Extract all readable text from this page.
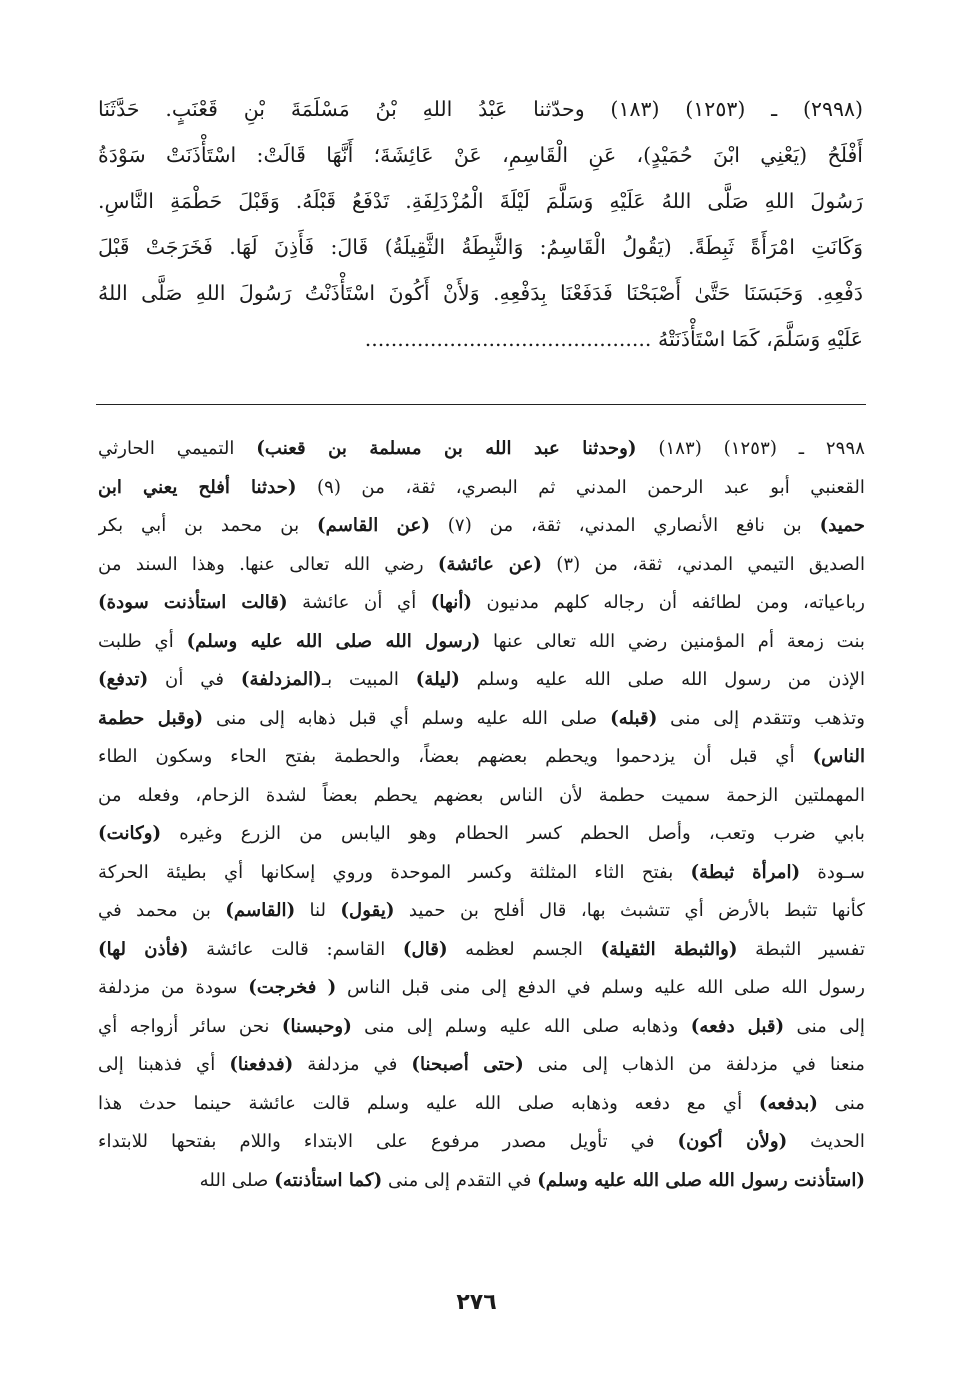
(٢٩٩٨) ـ (١٢٥٣) (١٨٣) وحدّثنا عَبْدُ اللهِ بْنُ مَسْلَمَةَ بْنِ قَعْنَبٍ. حَدَّثَنَا
أَفْلَحُ (يَعْنِي ابْنَ حُمَيْدٍ)، عَنِ الْقَاسِمِ، عَنْ عَائِشَةَ؛ أَنَّهَا قَالَتْ: اسْتَأْذَنَتْ سَوْدَةُ
رَسُولَ اللهِ صَلَّى اللهُ عَلَيْهِ وَسَلَّمَ لَيْلَةَ الْمُزْدَلِفَةِ. تَدْفَعُ قَبْلَهُ. وَقَبْلَ حَطْمَةِ النَّاسِ.
وَكَانَتِ امْرَأَةً ثَبِطَةً. (يَقُولُ الْقَاسِمُ: وَالثَّبِطَةُ الثَّقِيلَةُ) قَالَ: فَأَذِنَ لَهَا. فَخَرَجَتْ قَبْلَ
دَفْعِهِ. وَحَبَسَنَا حَتَّىٰ أَصْبَحْنَا فَدَفَعْنَا بِدَفْعِهِ. وَلأَنْ أَكُونَ اسْتَأْذَنْتُ رَسُولَ اللهِ صَلَّى اللهُ
عَلَيْهِ وَسَلَّمَ، كَمَا اسْتَأْذَنَتْهُ ............................................
٢٩٩٨ ـ (١٢٥٣) (١٨٣) (وحدثنا عبد الله بن مسلمة بن قعنب) التميمي الحارثي
القعنبي أبو عبد الرحمن المدني ثم البصري، ثقة، من (٩) (حدثنا أفلح يعني ابن
حميد) بن نافع الأنصاري المدني، ثقة، من (٧) (عن القاسم) بن محمد بن أبي بكر
الصديق التيمي المدني، ثقة، من (٣) (عن عائشة) رضي الله تعالى عنها. وهذا السند من
رباعياته، ومن لطائفه أن رجاله كلهم مدنيون (أنها) أي أن عائشة (قالت استأذنت سودة)
بنت زمعة أم المؤمنين رضي الله تعالى عنها (رسول الله صلى الله عليه وسلم) أي طلبت
الإذن من رسول الله صلى الله عليه وسلم (ليلة) المبيت بـ(المزدلفة) في أن (تدفع)
وتذهب وتتقدم إلى منى (قبله) صلى الله عليه وسلم أي قبل ذهابه إلى منى (وقبل حطمة
الناس) أي قبل أن يزدحموا ويحطم بعضهم بعضاً، والحطمة بفتح الحاء وسكون الطاء
المهملتين الزحمة سميت حطمة لأن الناس بعضهم يحطم بعضاً لشدة الزحام، وفعله من
بابي ضرب وتعب، وأصل الحطم كسر الحطام وهو اليابس من الزرع وغيره (وكانت)
سـودة (امرأة ثبطة) بفتح الثاء المثلثة وكسر الموحدة وروي إسكانها أي بطيئة الحركة
كأنها تثبط بالأرض أي تتشبث بها، قال أفلح بن حميد (يقول) لنا (القاسم) بن محمد في
تفسير الثبطة (والثبطة الثقيلة) الجسم لعظمه (قال) القاسم: قالت عائشة (فأذن لها)
رسول الله صلى الله عليه وسلم في الدفع إلى منى قبل الناس ( فخرجت) سودة من مزدلفة
إلى منى (قبل دفعه) وذهابه صلى الله عليه وسلم إلى منى (وحبسنا) نحن سائر أزواجه أي
منعنا في مزدلفة من الذهاب إلى منى (حتى أصبحنا) في مزدلفة (فدفعنا) أي فذهبنا إلى
منى (بدفعه) أي مع دفعه وذهابه صلى الله عليه وسلم قالت عائشة حينما حدث هذا
الحديث (ولأن أكون) في تأويل مصدر مرفوع على الابتداء واللام بفتحها للابتداء
(استأذنت رسول الله صلى الله عليه وسلم) في التقدم إلى منى (كما استأذنته) صلى الله
٢٧٦
